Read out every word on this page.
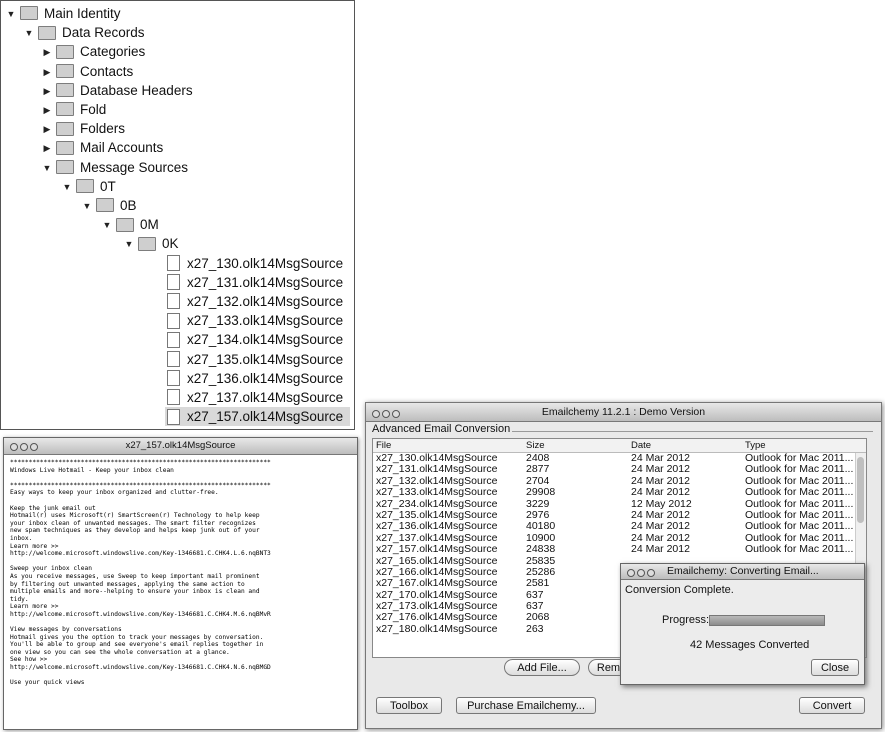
▼ Main Identity
▼ Data Records
▶ Categories
▶ Contacts
▶ Database Headers
▶ Fold
▶ Folders
▶ Mail Accounts
▼ Message Sources
▼ 0T
▼ 0B
▼ 0M
▼ 0K
x27_130.olk14MsgSource
x27_131.olk14MsgSource
x27_132.olk14MsgSource
x27_133.olk14MsgSource
x27_134.olk14MsgSource
x27_135.olk14MsgSource
x27_136.olk14MsgSource
x27_137.olk14MsgSource
x27_157.olk14MsgSource
x27_157.olk14MsgSource
**********************************************************************
Windows Live Hotmail - Keep your inbox clean
**********************************************************************
Easy ways to keep your inbox organized and clutter-free.
Keep the junk email out
Hotmail(r) uses Microsoft(r) SmartScreen(r) Technology to help keep
your inbox clean of unwanted messages. The smart filter recognizes
new spam techniques as they develop and helps keep junk out of your
inbox.
Learn more >>
http://welcome.microsoft.windowslive.com/Key-1346681.C.CHK4.L.6.nqBNT3
Sweep your inbox clean
As you receive messages, use Sweep to keep important mail prominent
by filtering out unwanted messages, applying the same action to
multiple emails and more--helping to ensure your inbox is clean and
tidy.
Learn more >>
http://welcome.microsoft.windowslive.com/Key-1346681.C.CHK4.M.6.nqBMvR
View messages by conversations
Hotmail gives you the option to track your messages by conversation.
You'll be able to group and see everyone's email replies together in
one view so you can see the whole conversation at a glance.
See how >>
http://welcome.microsoft.windowslive.com/Key-1346681.C.CHK4.N.6.nqBMGD
Use your quick views
Emailchemy 11.2.1 : Demo Version
Advanced Email Conversion
File	Size	Date	Type
x27_130.olk14MsgSource	2408	24 Mar 2012	Outlook for Mac 2011...
x27_131.olk14MsgSource	2877	24 Mar 2012	Outlook for Mac 2011...
x27_132.olk14MsgSource	2704	24 Mar 2012	Outlook for Mac 2011...
x27_133.olk14MsgSource	29908	24 Mar 2012	Outlook for Mac 2011...
x27_234.olk14MsgSource	3229	12 May 2012	Outlook for Mac 2011...
x27_135.olk14MsgSource	2976	24 Mar 2012	Outlook for Mac 2011...
x27_136.olk14MsgSource	40180	24 Mar 2012	Outlook for Mac 2011...
x27_137.olk14MsgSource	10900	24 Mar 2012	Outlook for Mac 2011...
x27_157.olk14MsgSource	24838	24 Mar 2012	Outlook for Mac 2011...
x27_165.olk14MsgSource	25835
x27_166.olk14MsgSource	25286
x27_167.olk14MsgSource	2581
x27_170.olk14MsgSource	637
x27_173.olk14MsgSource	637
x27_176.olk14MsgSource	2068
x27_180.olk14MsgSource	263
Add File...	Rem
Toolbox	Purchase Emailchemy...	Convert
Emailchemy: Converting Email...
Conversion Complete.
Progress:
42 Messages Converted
Close
